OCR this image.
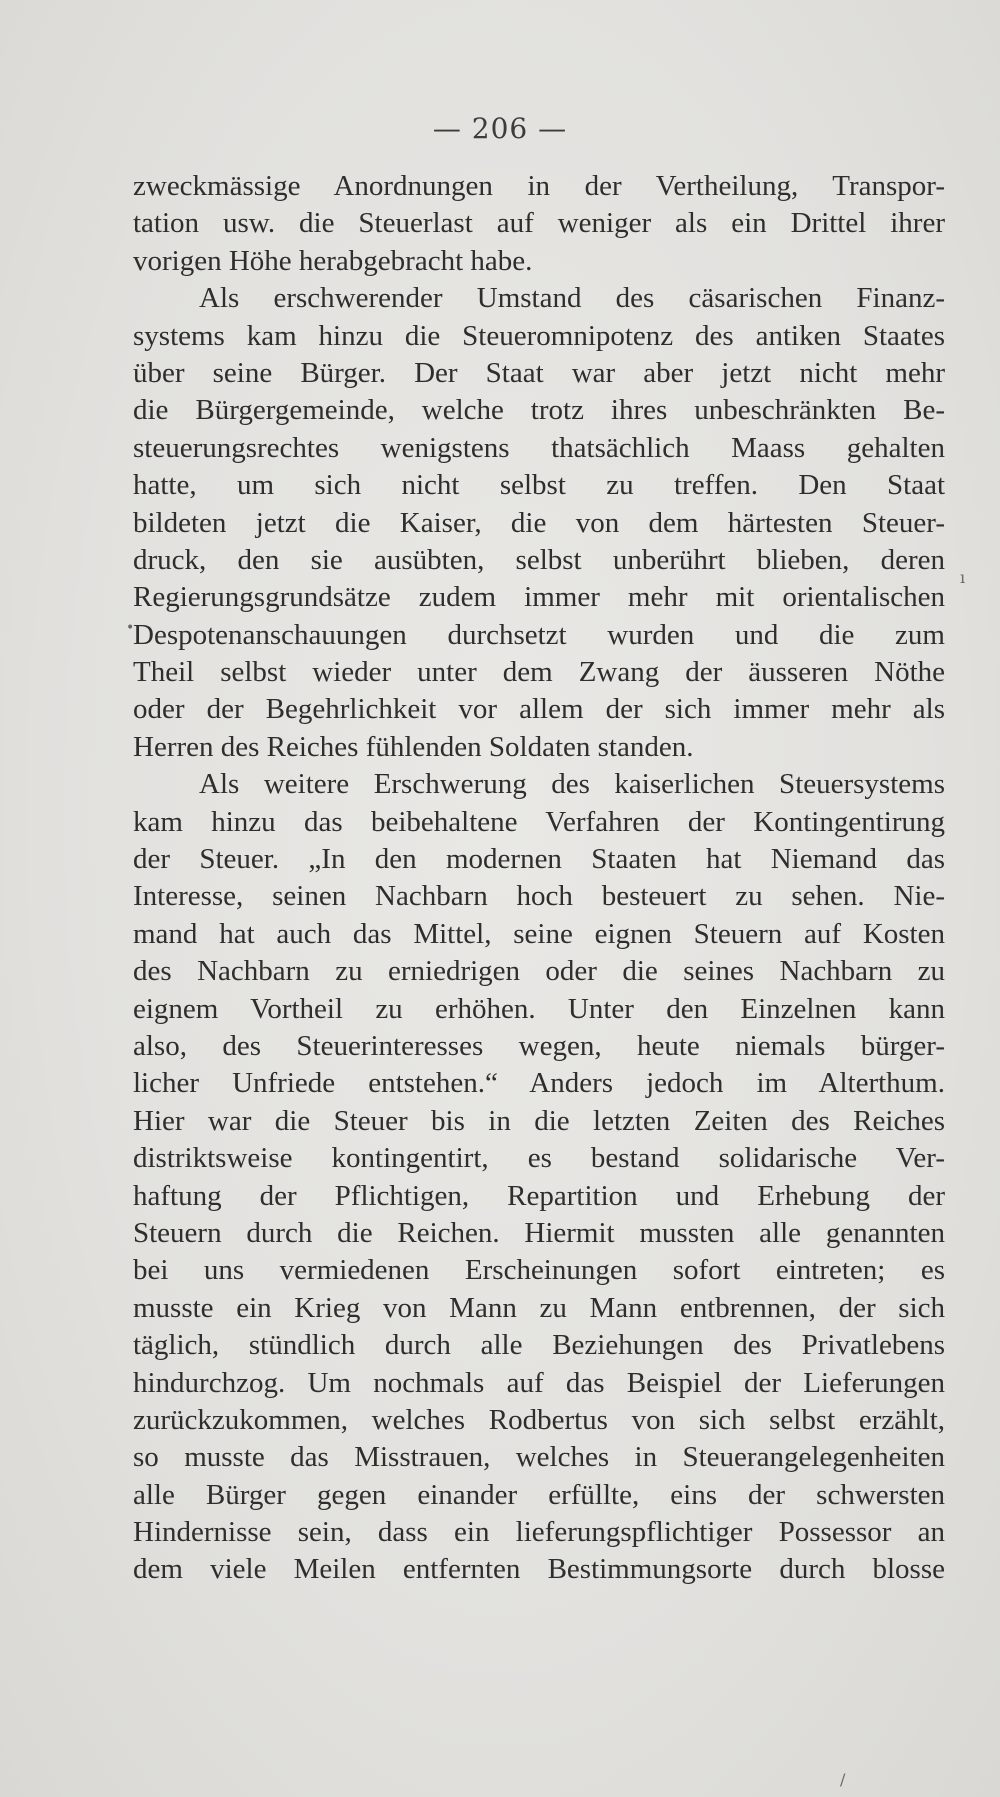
— 206 —
zweckmässige Anordnungen in der Vertheilung, Transpor-
tation usw. die Steuerlast auf weniger als ein Drittel ihrer
vorigen Höhe herabgebracht habe.
Als erschwerender Umstand des cäsarischen Finanz-
systems kam hinzu die Steueromnipotenz des antiken Staates
über seine Bürger. Der Staat war aber jetzt nicht mehr
die Bürgergemeinde, welche trotz ihres unbeschränkten Be-
steuerungsrechtes wenigstens thatsächlich Maass gehalten
hatte, um sich nicht selbst zu treffen. Den Staat
bildeten jetzt die Kaiser, die von dem härtesten Steuer-
druck, den sie ausübten, selbst unberührt blieben, deren
Regierungsgrundsätze zudem immer mehr mit orientalischen
Despotenanschauungen durchsetzt wurden und die zum
Theil selbst wieder unter dem Zwang der äusseren Nöthe
oder der Begehrlichkeit vor allem der sich immer mehr als
Herren des Reiches fühlenden Soldaten standen.
Als weitere Erschwerung des kaiserlichen Steuersystems
kam hinzu das beibehaltene Verfahren der Kontingentirung
der Steuer. „In den modernen Staaten hat Niemand das
Interesse, seinen Nachbarn hoch besteuert zu sehen. Nie-
mand hat auch das Mittel, seine eignen Steuern auf Kosten
des Nachbarn zu erniedrigen oder die seines Nachbarn zu
eignem Vortheil zu erhöhen. Unter den Einzelnen kann
also, des Steuerinteresses wegen, heute niemals bürger-
licher Unfriede entstehen.“ Anders jedoch im Alterthum.
Hier war die Steuer bis in die letzten Zeiten des Reiches
distriktsweise kontingentirt, es bestand solidarische Ver-
haftung der Pflichtigen, Repartition und Erhebung der
Steuern durch die Reichen. Hiermit mussten alle genannten
bei uns vermiedenen Erscheinungen sofort eintreten; es
musste ein Krieg von Mann zu Mann entbrennen, der sich
täglich, stündlich durch alle Beziehungen des Privatlebens
hindurchzog. Um nochmals auf das Beispiel der Lieferungen
zurückzukommen, welches Rodbertus von sich selbst erzählt,
so musste das Misstrauen, welches in Steuerangelegenheiten
alle Bürger gegen einander erfüllte, eins der schwersten
Hindernisse sein, dass ein lieferungspflichtiger Possessor an
dem viele Meilen entfernten Bestimmungsorte durch blosse
•
ı
/
